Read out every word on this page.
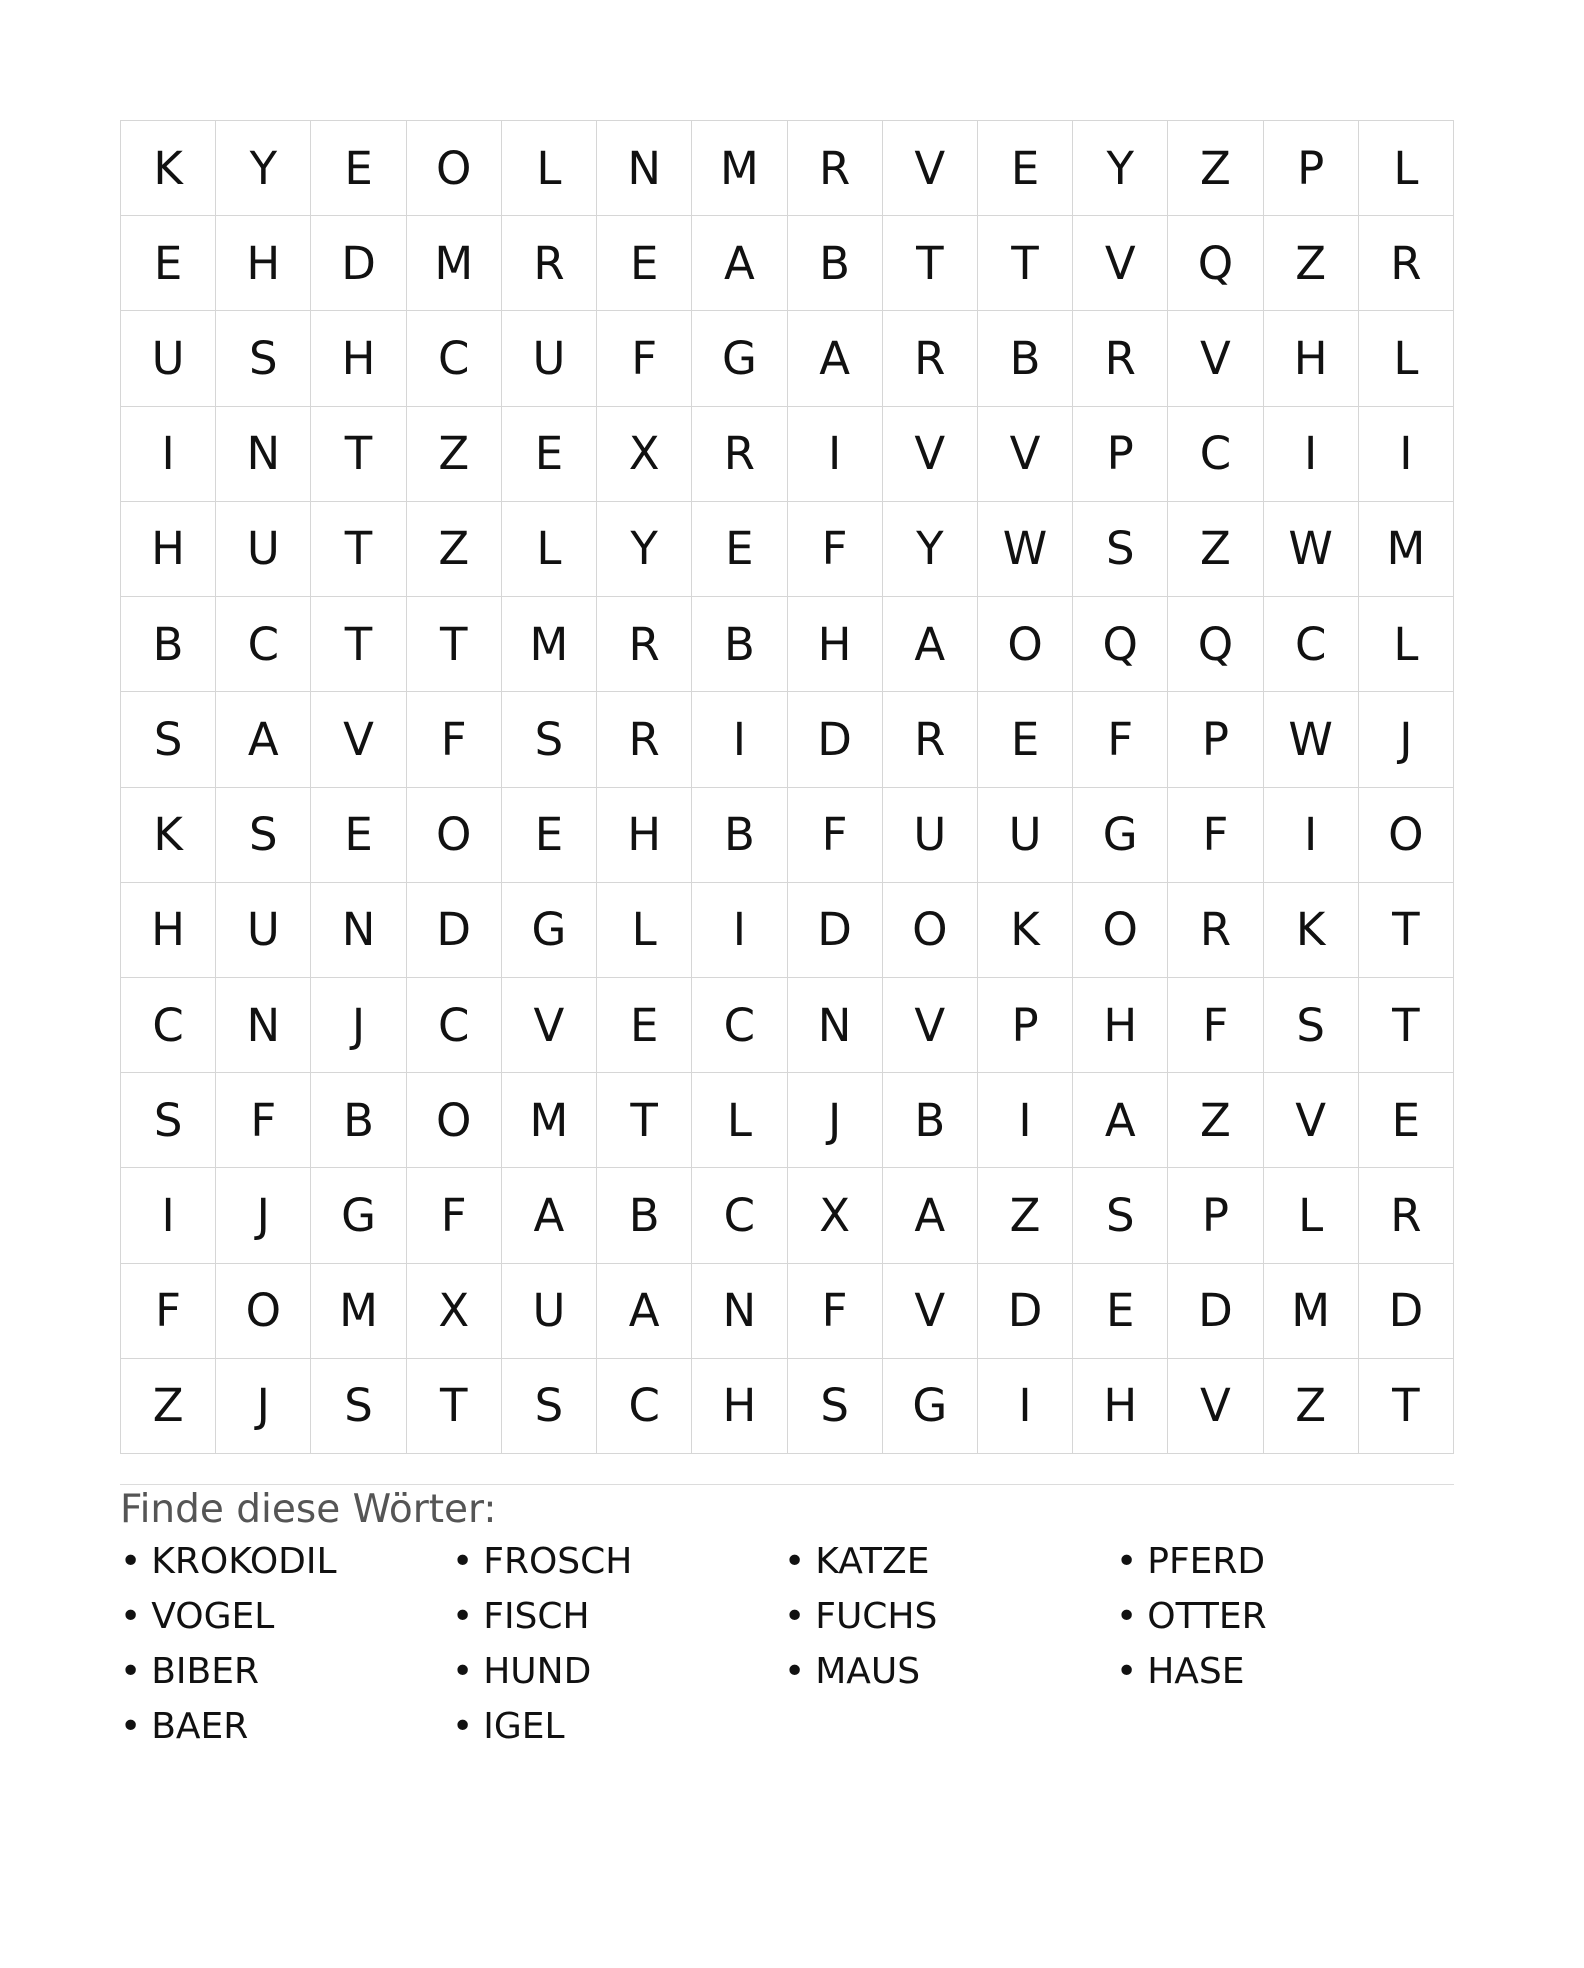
K	Y	E	O	L	N	M	R	V	E	Y	Z	P	L
E	H	D	M	R	E	A	B	T	T	V	Q	Z	R
U	S	H	C	U	F	G	A	R	B	R	V	H	L
I	N	T	Z	E	X	R	I	V	V	P	C	I	I
H	U	T	Z	L	Y	E	F	Y	W	S	Z	W	M
B	C	T	T	M	R	B	H	A	O	Q	Q	C	L
S	A	V	F	S	R	I	D	R	E	F	P	W	J
K	S	E	O	E	H	B	F	U	U	G	F	I	O
H	U	N	D	G	L	I	D	O	K	O	R	K	T
C	N	J	C	V	E	C	N	V	P	H	F	S	T
S	F	B	O	M	T	L	J	B	I	A	Z	V	E
I	J	G	F	A	B	C	X	A	Z	S	P	L	R
F	O	M	X	U	A	N	F	V	D	E	D	M	D
Z	J	S	T	S	C	H	S	G	I	H	V	Z	T
Finde diese Wörter:
• KROKODIL
• VOGEL
• BIBER
• BAER
• FROSCH
• FISCH
• HUND
• IGEL
• KATZE
• FUCHS
• MAUS
• PFERD
• OTTER
• HASE
